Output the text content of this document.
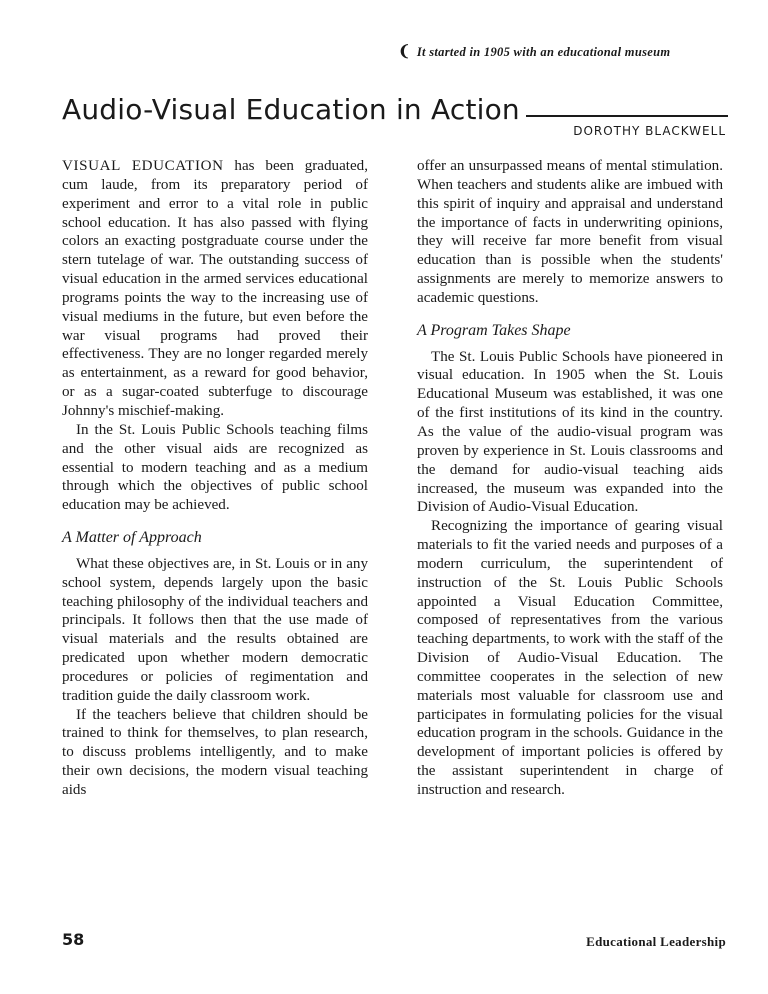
❨ It started in 1905 with an educational museum
Audio-Visual Education in Action
DOROTHY BLACKWELL

VISUAL EDUCATION has been graduated, cum laude, from its preparatory period of experiment and error to a vital role in public school education. It has also passed with flying colors an exacting postgraduate course under the stern tutelage of war. The outstanding success of visual education in the armed services educational programs points the way to the increasing use of visual mediums in the future, but even before the war visual programs had proved their effectiveness. They are no longer regarded merely as entertainment, as a reward for good behavior, or as a sugar-coated subterfuge to discourage Johnny's mischief-making.

In the St. Louis Public Schools teaching films and the other visual aids are recognized as essential to modern teaching and as a medium through which the objectives of public school education may be achieved.

A Matter of Approach

What these objectives are, in St. Louis or in any school system, depends largely upon the basic teaching philosophy of the individual teachers and principals. It follows then that the use made of visual materials and the results obtained are predicated upon whether modern democratic procedures or policies of regimentation and tradition guide the daily classroom work.

If the teachers believe that children should be trained to think for themselves, to plan research, to discuss problems intelligently, and to make their own decisions, the modern visual teaching aids

offer an unsurpassed means of mental stimulation. When teachers and students alike are imbued with this spirit of inquiry and appraisal and understand the importance of facts in underwriting opinions, they will receive far more benefit from visual education than is possible when the students' assignments are merely to memorize answers to academic questions.

A Program Takes Shape

The St. Louis Public Schools have pioneered in visual education. In 1905 when the St. Louis Educational Museum was established, it was one of the first institutions of its kind in the country. As the value of the audio-visual program was proven by experience in St. Louis classrooms and the demand for audio-visual teaching aids increased, the museum was expanded into the Division of Audio-Visual Education.

Recognizing the importance of gearing visual materials to fit the varied needs and purposes of a modern curriculum, the superintendent of instruction of the St. Louis Public Schools appointed a Visual Education Committee, composed of representatives from the various teaching departments, to work with the staff of the Division of Audio-Visual Education. The committee cooperates in the selection of new materials most valuable for classroom use and participates in formulating policies for the visual education program in the schools. Guidance in the development of important policies is offered by the assistant superintendent in charge of instruction and research.

58	Educational Leadership
